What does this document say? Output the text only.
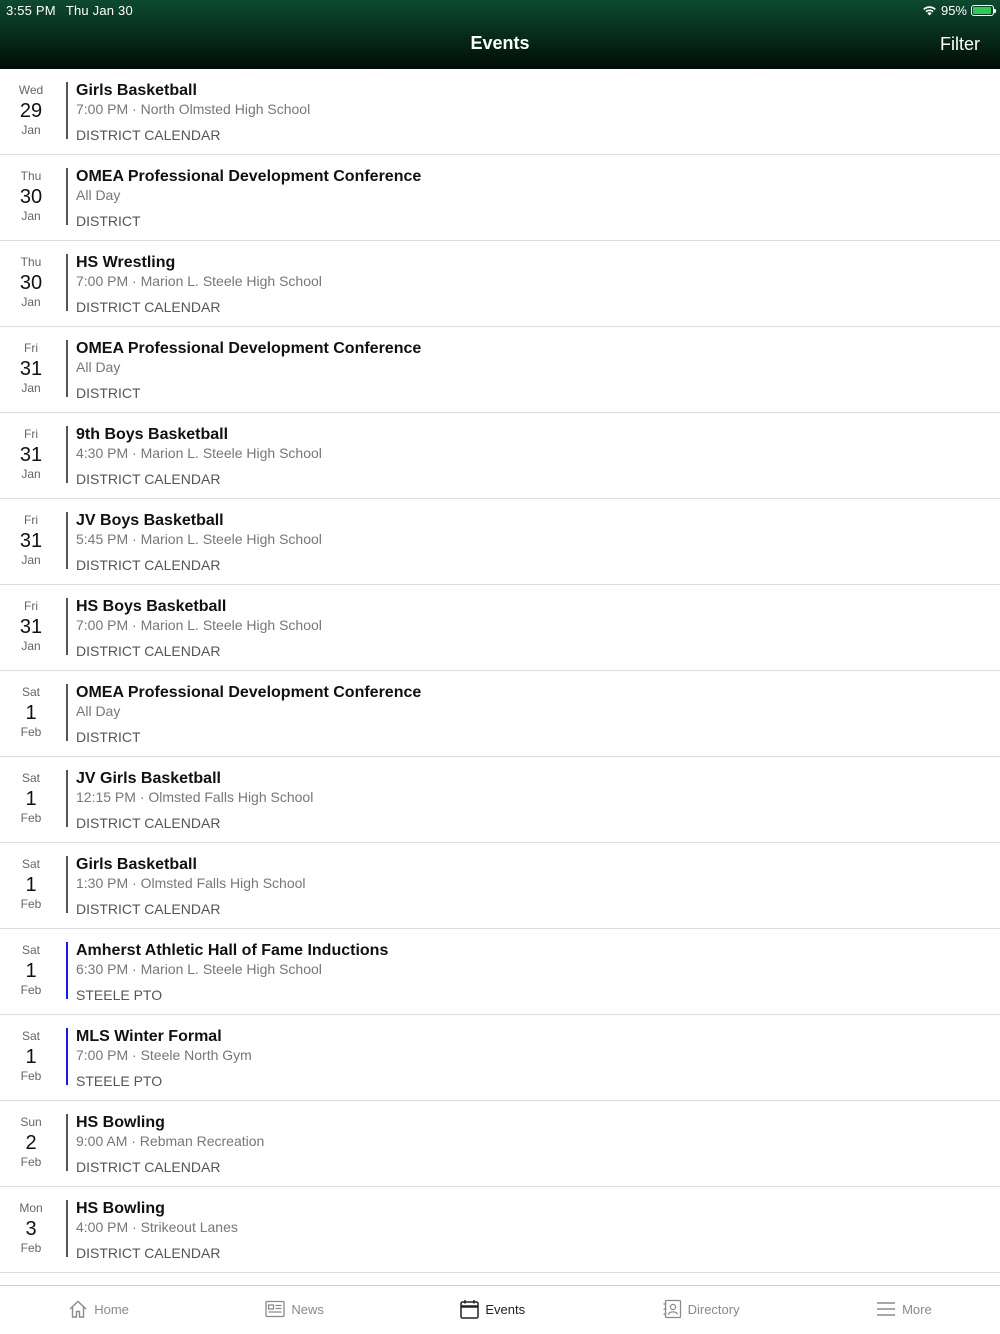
3:55 PM Thu Jan 30	95%
Events	Filter
Wed
29
Jan
Girls Basketball
7:00 PM · North Olmsted High School
DISTRICT CALENDAR
Thu
30
Jan
OMEA Professional Development Conference
All Day
DISTRICT
Thu
30
Jan
HS Wrestling
7:00 PM · Marion L. Steele High School
DISTRICT CALENDAR
Fri
31
Jan
OMEA Professional Development Conference
All Day
DISTRICT
Fri
31
Jan
9th Boys Basketball
4:30 PM · Marion L. Steele High School
DISTRICT CALENDAR
Fri
31
Jan
JV Boys Basketball
5:45 PM · Marion L. Steele High School
DISTRICT CALENDAR
Fri
31
Jan
HS Boys Basketball
7:00 PM · Marion L. Steele High School
DISTRICT CALENDAR
Sat
1
Feb
OMEA Professional Development Conference
All Day
DISTRICT
Sat
1
Feb
JV Girls Basketball
12:15 PM · Olmsted Falls High School
DISTRICT CALENDAR
Sat
1
Feb
Girls Basketball
1:30 PM · Olmsted Falls High School
DISTRICT CALENDAR
Sat
1
Feb
Amherst Athletic Hall of Fame Inductions
6:30 PM · Marion L. Steele High School
STEELE PTO
Sat
1
Feb
MLS Winter Formal
7:00 PM · Steele North Gym
STEELE PTO
Sun
2
Feb
HS Bowling
9:00 AM · Rebman Recreation
DISTRICT CALENDAR
Mon
3
Feb
HS Bowling
4:00 PM · Strikeout Lanes
DISTRICT CALENDAR
Home	News	Events	Directory	More
